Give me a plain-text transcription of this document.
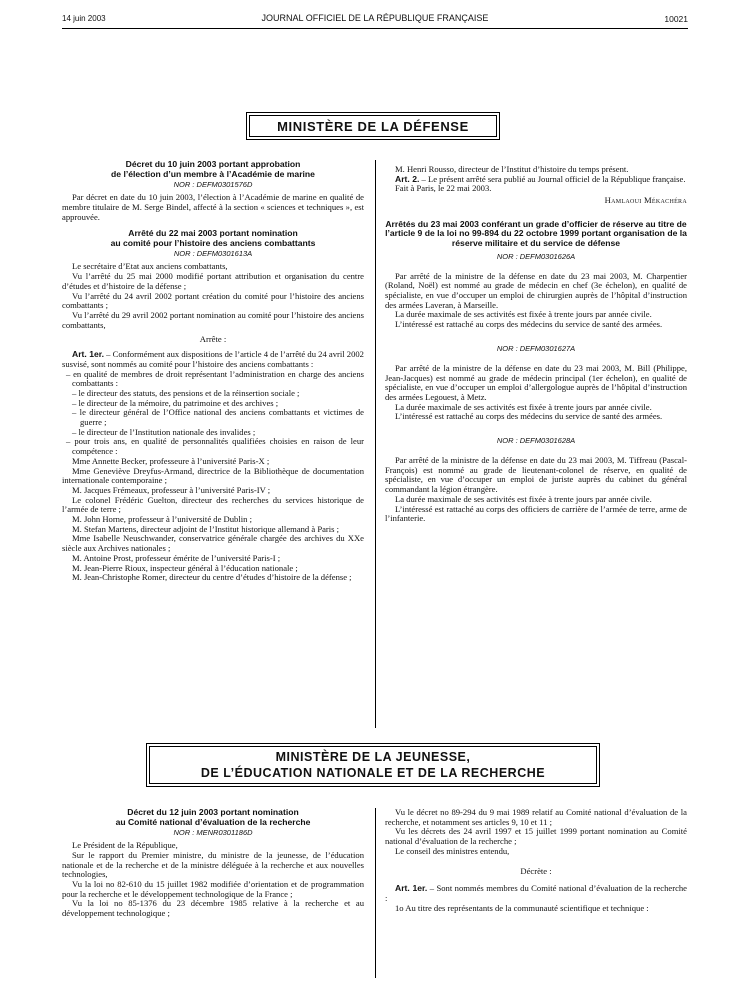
14 juin 2003	JOURNAL OFFICIEL DE LA RÉPUBLIQUE FRANÇAISE	10021
MINISTÈRE DE LA DÉFENSE
Décret du 10 juin 2003 portant approbation
de l’élection d’un membre à l’Académie de marine
NOR : DEFM0301576D

Par décret en date du 10 juin 2003, l’élection à l’Académie de marine en qualité de membre titulaire de M. Serge Bindel, affecté à la section « sciences et techniques », est approuvée.

Arrêté du 22 mai 2003 portant nomination
au comité pour l’histoire des anciens combattants
NOR : DEFM0301613A

Le secrétaire d’Etat aux anciens combattants,

Vu l’arrêté du 25 mai 2000 modifié portant attribution et organisation du centre d’études et d’histoire de la défense ;

Vu l’arrêté du 24 avril 2002 portant création du comité pour l’histoire des anciens combattants ;

Vu l’arrêté du 29 avril 2002 portant nomination au comité pour l’histoire des anciens combattants,

Arrête :

Art. 1er. – Conformément aux dispositions de l’article 4 de l’arrêté du 24 avril 2002 susvisé, sont nommés au comité pour l’histoire des anciens combattants :

– en qualité de membres de droit représentant l’administration en charge des anciens combattants :

– le directeur des statuts, des pensions et de la réinsertion sociale ;

– le directeur de la mémoire, du patrimoine et des archives ;

– le directeur général de l’Office national des anciens combattants et victimes de guerre ;

– le directeur de l’Institution nationale des invalides ;

– pour trois ans, en qualité de personnalités qualifiées choisies en raison de leur compétence :

Mme Annette Becker, professeure à l’université Paris-X ;

Mme Geneviève Dreyfus-Armand, directrice de la Bibliothèque de documentation internationale contemporaine ;

M. Jacques Frémeaux, professeur à l’université Paris-IV ;

Le colonel Frédéric Guelton, directeur des recherches du services historique de l’armée de terre ;

M. John Horne, professeur à l’université de Dublin ;

M. Stefan Martens, directeur adjoint de l’Institut historique allemand à Paris ;

Mme Isabelle Neuschwander, conservatrice générale chargée des archives du XXe siècle aux Archives nationales ;

M. Antoine Prost, professeur émérite de l’université Paris-I ;

M. Jean-Pierre Rioux, inspecteur général à l’éducation nationale ;

M. Jean-Christophe Romer, directeur du centre d’études d’histoire de la défense ;

M. Henri Rousso, directeur de l’Institut d’histoire du temps présent.

Art. 2. – Le présent arrêté sera publié au Journal officiel de la République française.

Fait à Paris, le 22 mai 2003.

Hamlaoui Mékachéra

Arrêtés du 23 mai 2003 conférant un grade d’officier de réserve au titre de l’article 9 de la loi no 99-894 du 22 octobre 1999 portant organisation de la réserve militaire et du service de défense
NOR : DEFM0301626A

Par arrêté de la ministre de la défense en date du 23 mai 2003, M. Charpentier (Roland, Noël) est nommé au grade de médecin en chef (3e échelon), en qualité de spécialiste, en vue d’occuper un emploi de chirurgien auprès de l’hôpital d’instruction des armées Laveran, à Marseille.

La durée maximale de ses activités est fixée à trente jours par année civile.

L’intéressé est rattaché au corps des médecins du service de santé des armées.

NOR : DEFM0301627A

Par arrêté de la ministre de la défense en date du 23 mai 2003, M. Bill (Philippe, Jean-Jacques) est nommé au grade de médecin principal (1er échelon), en qualité de spécialiste, en vue d’occuper un emploi d’allergologue auprès de l’hôpital d’instruction des armées Legouest, à Metz.

La durée maximale de ses activités est fixée à trente jours par année civile.

L’intéressé est rattaché au corps des médecins du service de santé des armées.

NOR : DEFM0301628A

Par arrêté de la ministre de la défense en date du 23 mai 2003, M. Tiffreau (Pascal-François) est nommé au grade de lieutenant-colonel de réserve, en qualité de spécialiste, en vue d’occuper un emploi de juriste auprès du cabinet du général commandant la légion étrangère.

La durée maximale de ses activités est fixée à trente jours par année civile.

L’intéressé est rattaché au corps des officiers de carrière de l’armée de terre, arme de l’infanterie.

MINISTÈRE DE LA JEUNESSE,
DE L’ÉDUCATION NATIONALE ET DE LA RECHERCHE
Décret du 12 juin 2003 portant nomination
au Comité national d’évaluation de la recherche
NOR : MENR0301186D

Le Président de la République,

Sur le rapport du Premier ministre, du ministre de la jeunesse, de l’éducation nationale et de la recherche et de la ministre déléguée à la recherche et aux nouvelles technologies,

Vu la loi no 82-610 du 15 juillet 1982 modifiée d’orientation et de programmation pour la recherche et le développement technologique de la France ;

Vu la loi no 85-1376 du 23 décembre 1985 relative à la recherche et au développement technologique ;

Vu le décret no 89-294 du 9 mai 1989 relatif au Comité national d’évaluation de la recherche, et notamment ses articles 9, 10 et 11 ;

Vu les décrets des 24 avril 1997 et 15 juillet 1999 portant nomination au Comité national d’évaluation de la recherche ;

Le conseil des ministres entendu,

Décrète :

Art. 1er. – Sont nommés membres du Comité national d’évaluation de la recherche :

1o Au titre des représentants de la communauté scientifique et technique :
